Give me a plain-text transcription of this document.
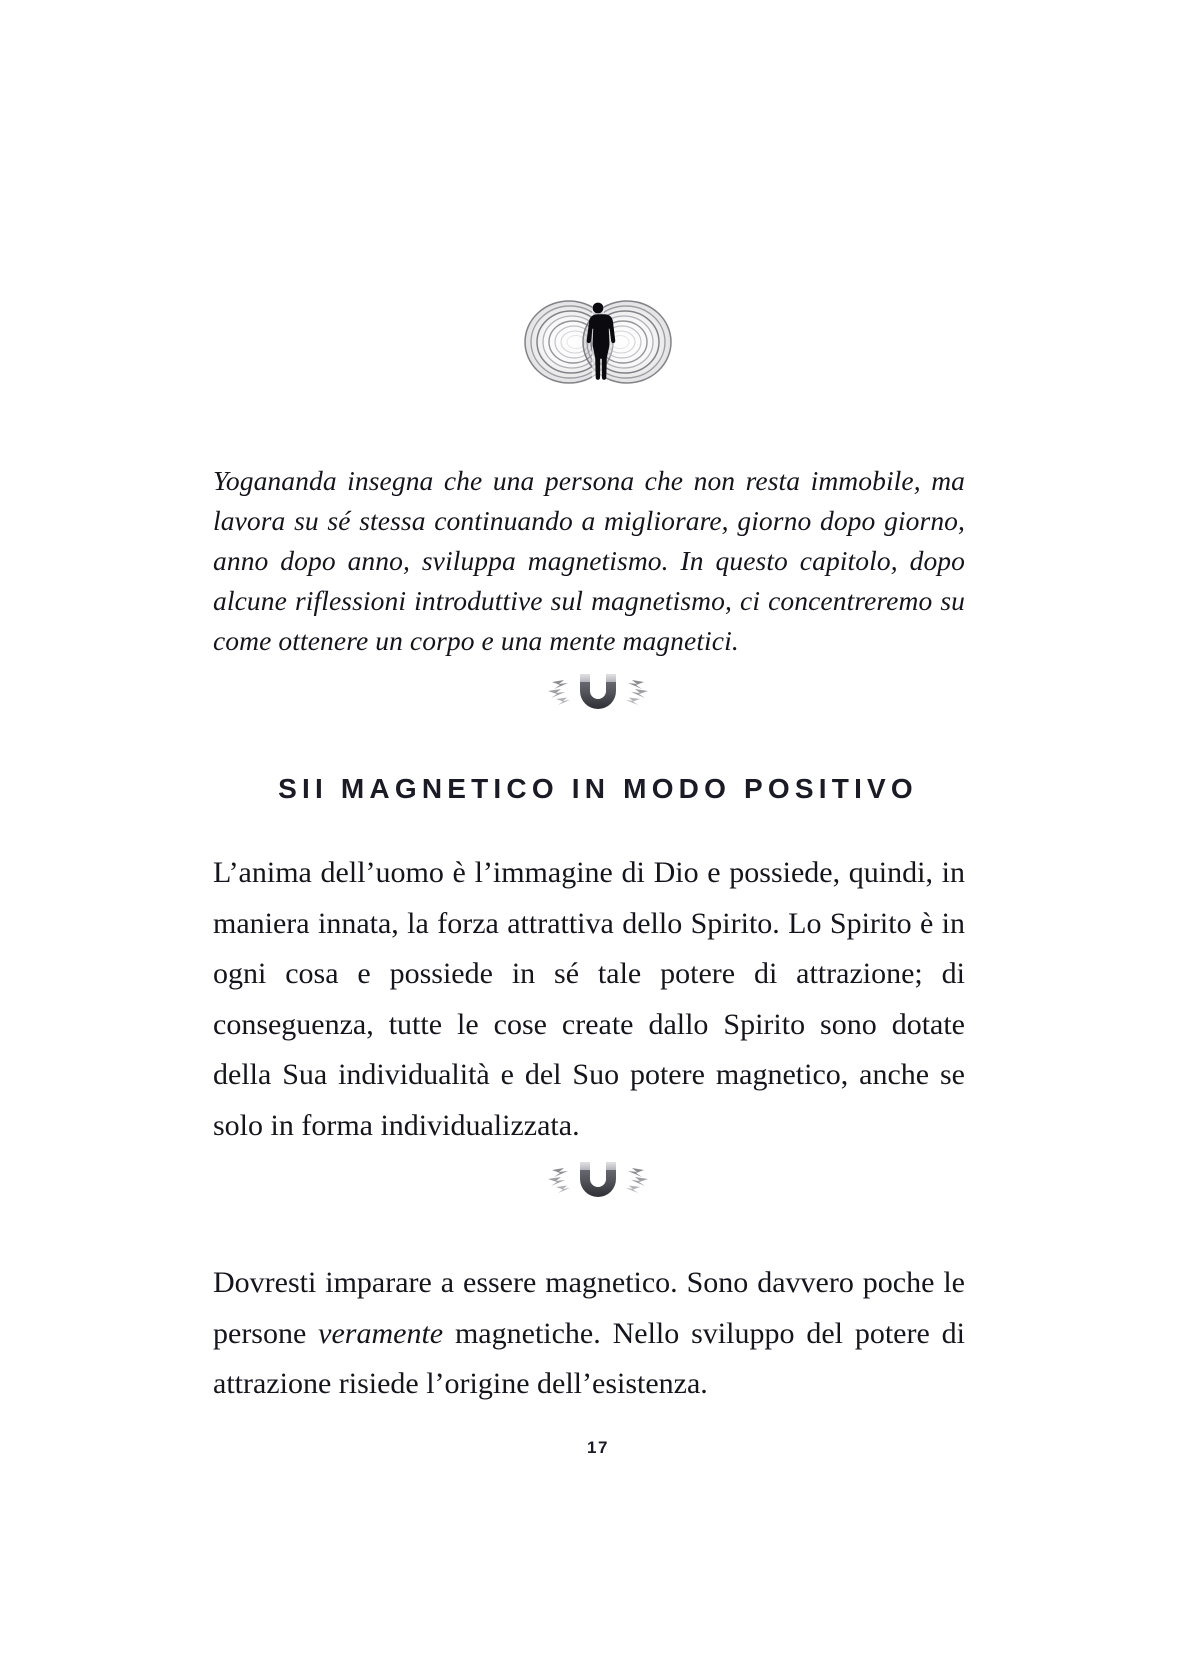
Yogananda insegna che una persona che non resta immobile, ma lavora su sé stessa continuando a migliorare, giorno dopo giorno, anno dopo anno, sviluppa magnetismo. In questo capitolo, dopo alcune riflessioni introduttive sul magnetismo, ci concentreremo su come ottenere un corpo e una mente magnetici.

SII MAGNETICO IN MODO POSITIVO

L’anima dell’uomo è l’immagine di Dio e possiede, quindi, in maniera innata, la forza attrattiva dello Spirito. Lo Spirito è in ogni cosa e possiede in sé tale potere di attrazione; di conseguenza, tutte le cose create dallo Spirito sono dotate della Sua individualità e del Suo potere magnetico, anche se solo in forma individualizzata.

Dovresti imparare a essere magnetico. Sono davvero poche le persone veramente magnetiche. Nello sviluppo del potere di attrazione risiede l’origine dell’esistenza.

17
